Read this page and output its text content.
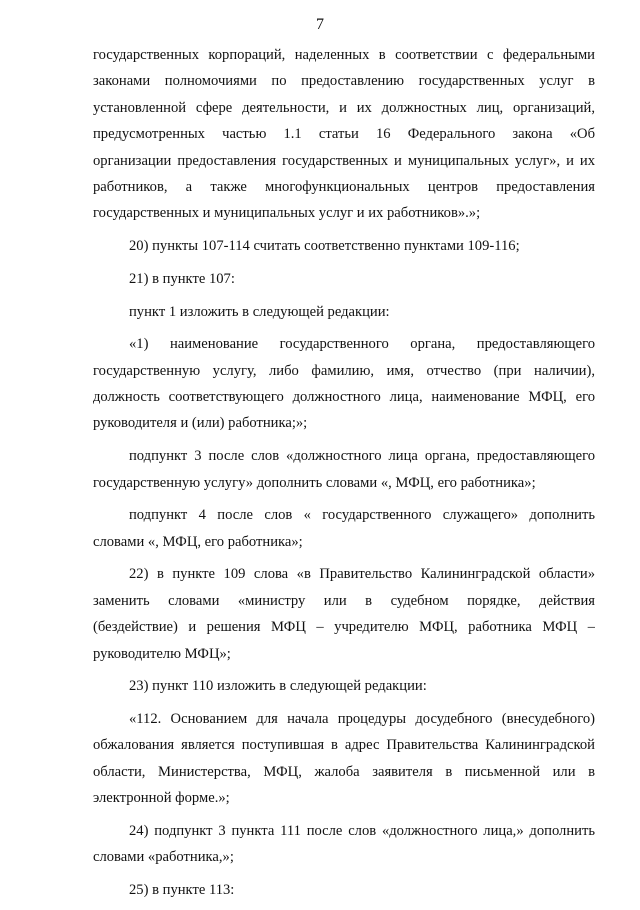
7

государственных корпораций, наделенных в соответствии с федеральными
законами полномочиями по предоставлению государственных услуг в
установленной сфере деятельности, и их должностных лиц, организаций,
предусмотренных частью 1.1 статьи 16 Федерального закона «Об
организации предоставления государственных и муниципальных услуг», и их
работников, а также многофункциональных центров предоставления
государственных и муниципальных услуг и их работников».»;

20) пункты 107-114 считать соответственно пунктами 109-116;

21) в пункте 107:

пункт 1 изложить в следующей редакции:

«1) наименование государственного органа, предоставляющего
государственную услугу, либо фамилию, имя, отчество (при наличии),
должность соответствующего должностного лица, наименование МФЦ, его
руководителя и (или) работника;»;

подпункт 3 после слов «должностного лица органа, предоставляющего
государственную услугу» дополнить словами «, МФЦ, его работника»;

подпункт 4 после слов « государственного служащего» дополнить
словами «, МФЦ, его работника»;

22) в пункте 109 слова «в Правительство Калининградской области»
заменить словами «министру или в судебном порядке, действия
(бездействие) и решения МФЦ – учредителю МФЦ, работника МФЦ –
руководителю МФЦ»;

23) пункт 110 изложить в следующей редакции:

«112. Основанием для начала процедуры досудебного (внесудебного)
обжалования является поступившая в адрес Правительства Калининградской
области, Министерства, МФЦ, жалоба заявителя в письменной или в
электронной форме.»;

24) подпункт 3 пункта 111 после слов «должностного лица,» дополнить
словами «работника,»;

25) в пункте 113:
